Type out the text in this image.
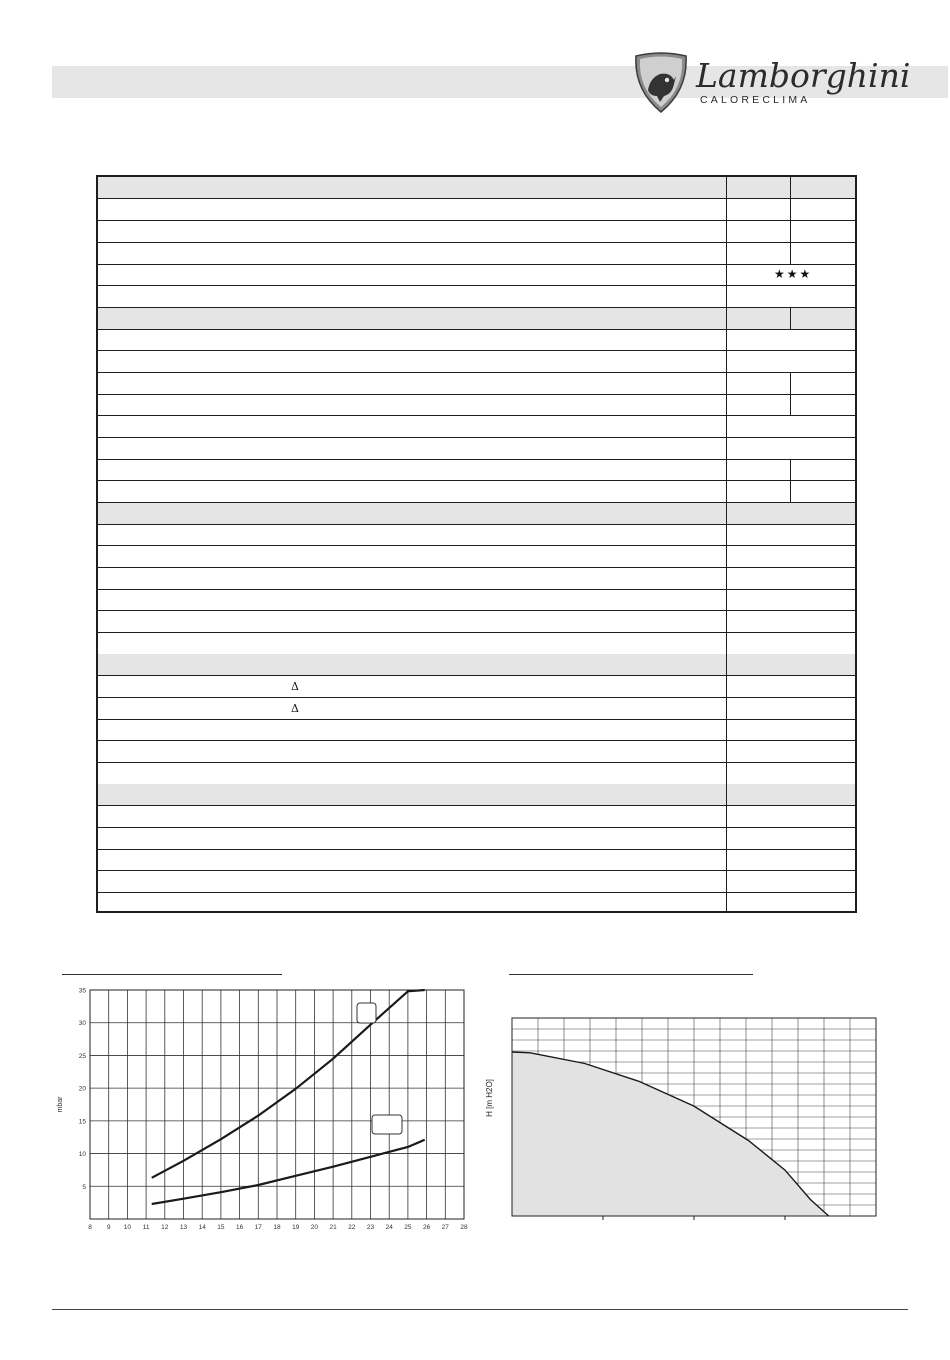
Lamborghini
CALORECLIMA
★★★
Δ
Δ
8 9 10 11 12 13 14 15 16 17 18 19 20 21 22 23 24 25 26 27 28
5
10
15
20
25
30
35
mbar	H [m H2O]
